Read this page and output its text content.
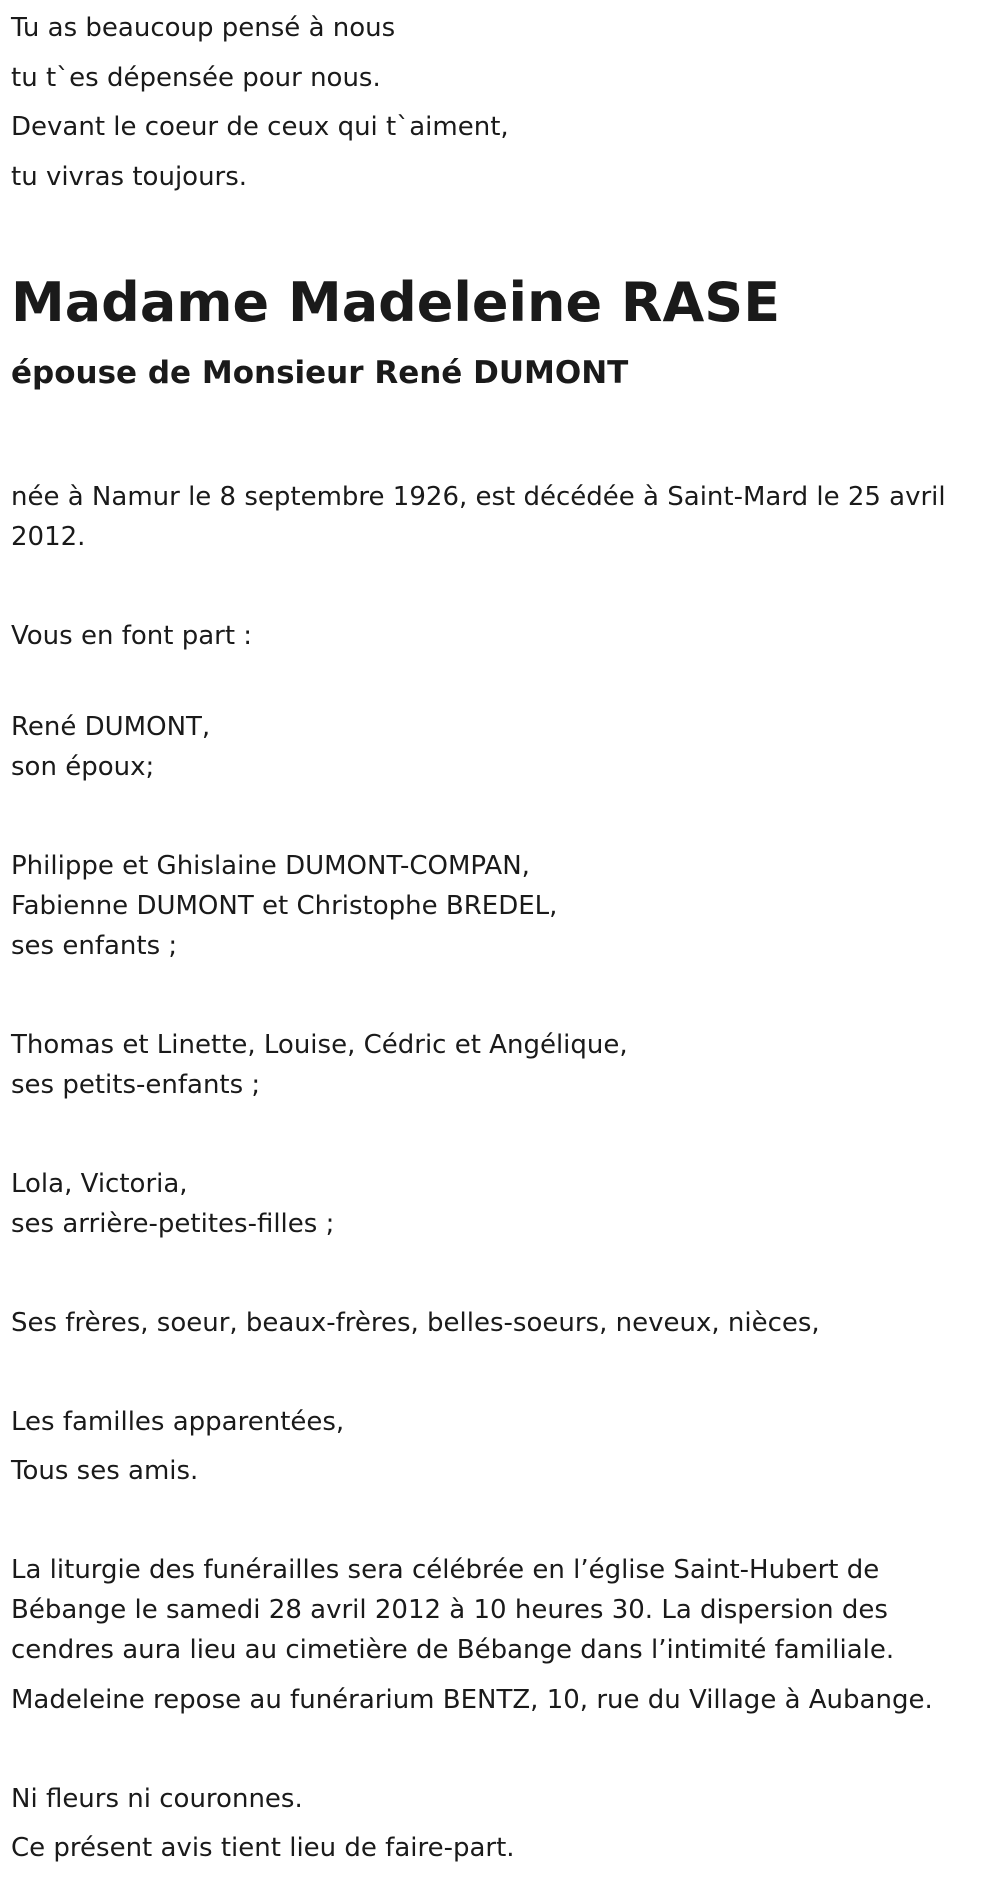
Tu as beaucoup pensé à nous
tu t`es dépensée pour nous.
Devant le coeur de ceux qui t`aiment,
tu vivras toujours.
Madame Madeleine RASE
épouse de Monsieur René DUMONT
née à Namur le 8 septembre 1926, est décédée à Saint-Mard le 25 avril 2012.
Vous en font part :
René DUMONT,
son époux;
Philippe et Ghislaine DUMONT-COMPAN,
Fabienne DUMONT et Christophe BREDEL,
ses enfants ;
Thomas et Linette, Louise, Cédric et Angélique,
ses petits-enfants ;
Lola, Victoria,
ses arrière-petites-filles ;
Ses frères, soeur, beaux-frères, belles-soeurs, neveux, nièces,
Les familles apparentées,
Tous ses amis.
La liturgie des funérailles sera célébrée en l’église Saint-Hubert de Bébange le samedi 28 avril 2012 à 10 heures 30. La dispersion des cendres aura lieu au cimetière de Bébange dans l’intimité familiale.
Madeleine repose au funérarium BENTZ, 10, rue du Village à Aubange.
Ni fleurs ni couronnes.
Ce présent avis tient lieu de faire-part.
